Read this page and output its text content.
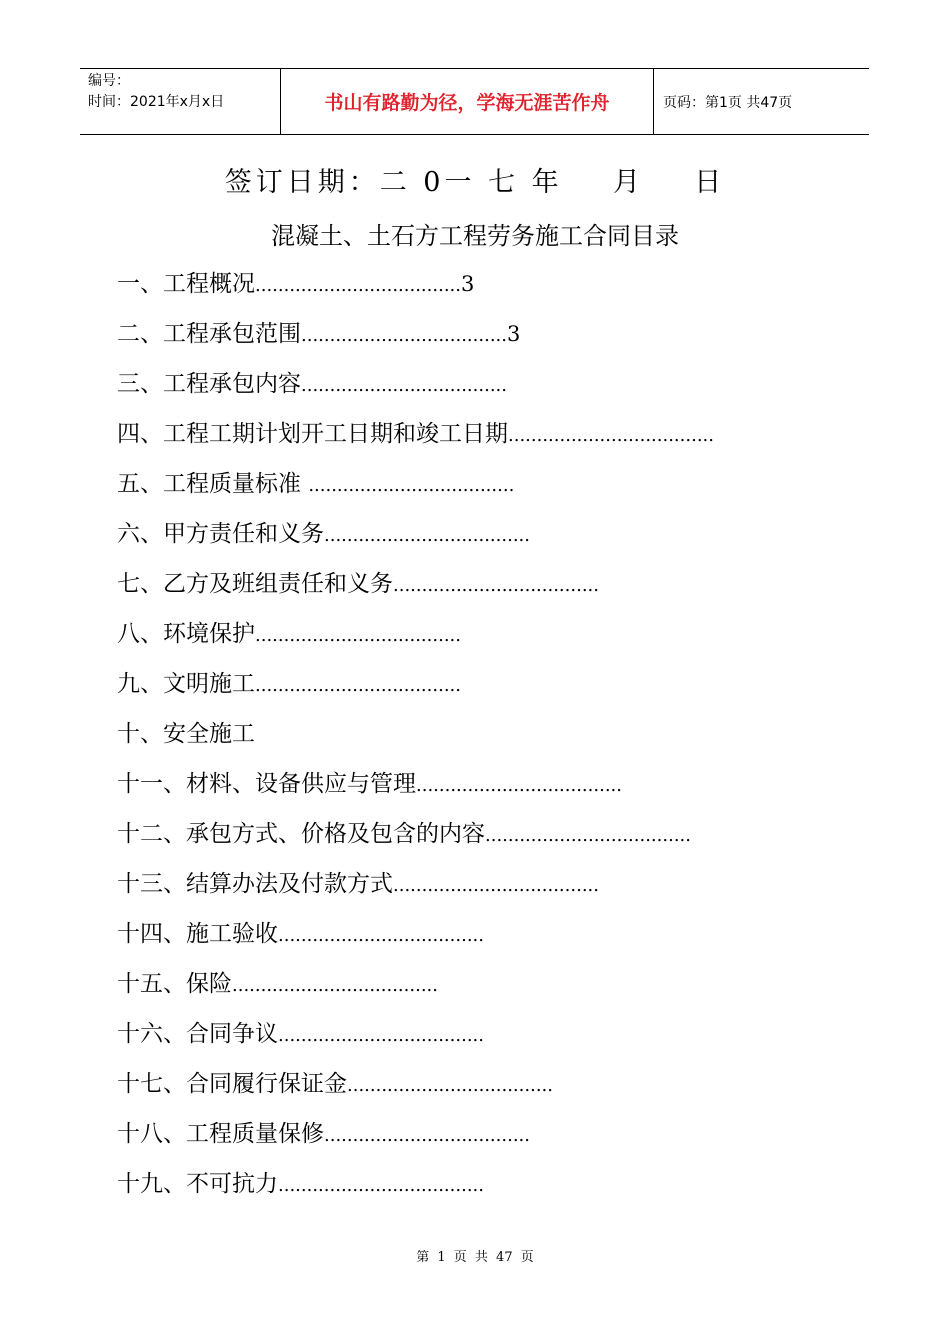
编号：
时间：2021年x月x日	书山有路勤为径，学海无涯苦作舟	页码：第1页 共47页
签订日期：二 0一 七 年    月    日
混凝土、土石方工程劳务施工合同目录
一、工程概况....................................3
二、工程承包范围....................................3
三、工程承包内容....................................
四、工程工期计划开工日期和竣工日期....................................
五、工程质量标准 ....................................
六、甲方责任和义务....................................
七、乙方及班组责任和义务....................................
八、环境保护....................................
九、文明施工....................................
十、安全施工
十一、材料、设备供应与管理....................................
十二、承包方式、价格及包含的内容....................................
十三、结算办法及付款方式....................................
十四、施工验收....................................
十五、保险....................................
十六、合同争议....................................
十七、合同履行保证金....................................
十八、工程质量保修....................................
十九、不可抗力....................................
第 1 页 共 47 页
